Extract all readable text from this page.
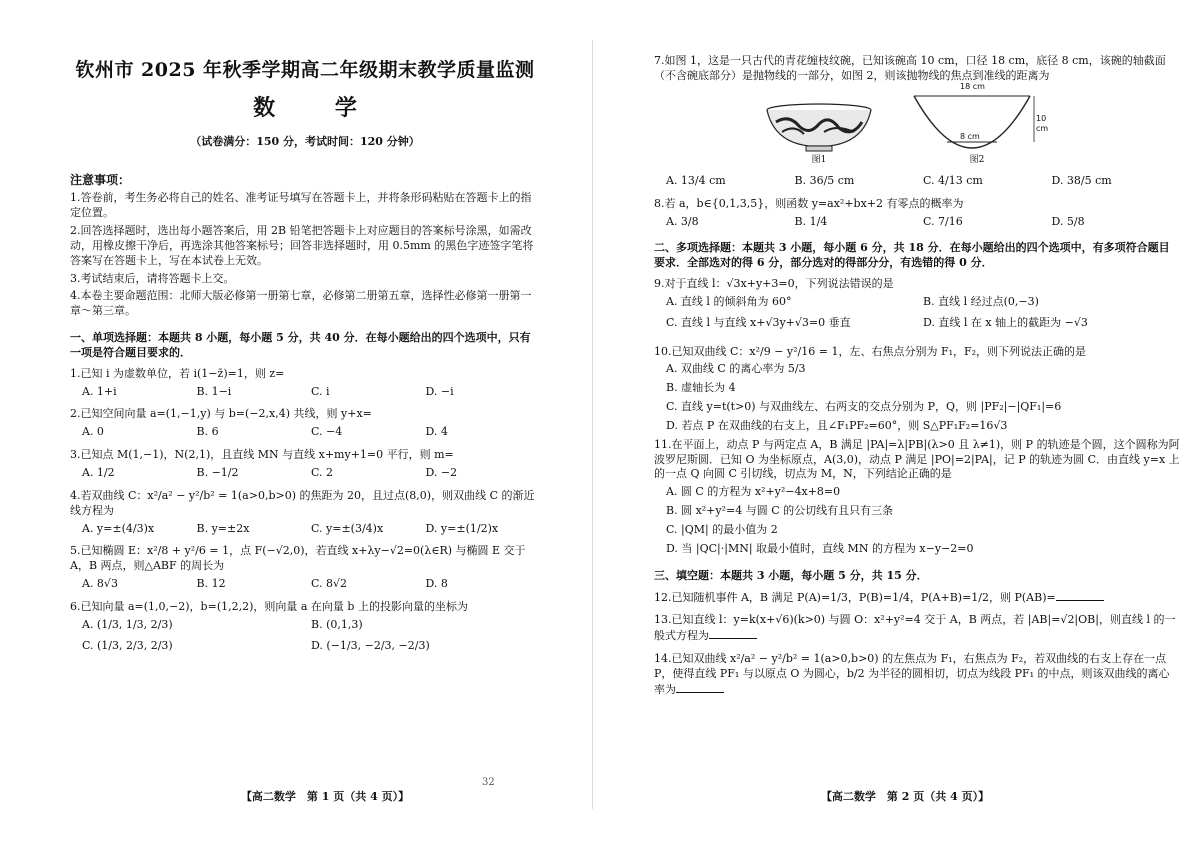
钦州市 2025 年秋季学期高二年级期末教学质量监测
数 学
（试卷满分：150 分，考试时间：120 分钟）
注意事项：

1.答卷前，考生务必将自己的姓名、准考证号填写在答题卡上，并将条形码粘贴在答题卡上的指定位置。

2.回答选择题时，选出每小题答案后，用 2B 铅笔把答题卡上对应题目的答案标号涂黑，如需改动，用橡皮擦干净后，再选涂其他答案标号；回答非选择题时，用 0.5mm 的黑色字迹签字笔将答案写在答题卡上，写在本试卷上无效。

3.考试结束后，请将答题卡上交。

4.本卷主要命题范围：北师大版必修第一册第七章，必修第二册第五章，选择性必修第一册第一章～第三章。

一、单项选择题：本题共 8 小题，每小题 5 分，共 40 分．在每小题给出的四个选项中，只有一项是符合题目要求的．
1.已知 i 为虚数单位，若 i(1−z̄)=1，则 z=
A. 1+i	B. 1−i	C. i	D. −i
2.已知空间向量 a=(1,−1,y) 与 b=(−2,x,4) 共线，则 y+x=
A. 0	B. 6	C. −4	D. 4
3.已知点 M(1,−1)，N(2,1)，且直线 MN 与直线 x+my+1=0 平行，则 m=
A. 1/2	B. −1/2	C. 2	D. −2
4.若双曲线 C：x²/a² − y²/b² = 1(a>0,b>0) 的焦距为 20，且过点(8,0)，则双曲线 C 的渐近线方程为
A. y=±(4/3)x	B. y=±2x	C. y=±(3/4)x	D. y=±(1/2)x
5.已知椭圆 E：x²/8 + y²/6 = 1，点 F(−√2,0)，若直线 x+λy−√2=0(λ∈R) 与椭圆 E 交于 A，B 两点，则△ABF 的周长为
A. 8√3	B. 12	C. 8√2	D. 8
6.已知向量 a=(1,0,−2)，b=(1,2,2)，则向量 a 在向量 b 上的投影向量的坐标为
A. (1/3, 1/3, 2/3)	B. (0,1,3)
C. (1/3, 2/3, 2/3)	D. (−1/3, −2/3, −2/3)
32
【高二数学　第 1 页（共 4 页）】
7.如图 1，这是一只古代的青花缠枝纹碗，已知该碗高 10 cm，口径 18 cm，底径 8 cm，该碗的轴截面（不含碗底部分）是抛物线的一部分，如图 2，则该抛物线的焦点到准线的距离为
图1
18 cm
10 cm
8 cm
图2
A. 13/4 cm	B. 36/5 cm	C. 4/13 cm	D. 38/5 cm
8.若 a，b∈{0,1,3,5}，则函数 y=ax²+bx+2 有零点的概率为
A. 3/8	B. 1/4	C. 7/16	D. 5/8
二、多项选择题：本题共 3 小题，每小题 6 分，共 18 分．在每小题给出的四个选项中，有多项符合题目要求．全部选对的得 6 分，部分选对的得部分分，有选错的得 0 分．
9.对于直线 l：√3x+y+3=0，下列说法错误的是
A. 直线 l 的倾斜角为 60°	B. 直线 l 经过点(0,−3)
C. 直线 l 与直线 x+√3y+√3=0 垂直	D. 直线 l 在 x 轴上的截距为 −√3
10.已知双曲线 C：x²/9 − y²/16 = 1，左、右焦点分别为 F₁，F₂，则下列说法正确的是
A. 双曲线 C 的离心率为 5/3
B. 虚轴长为 4
C. 直线 y=t(t>0) 与双曲线左、右两支的交点分别为 P，Q，则 |PF₂|−|QF₁|=6
D. 若点 P 在双曲线的右支上，且∠F₁PF₂=60°，则 S△PF₁F₂=16√3
11.在平面上，动点 P 与两定点 A，B 满足 |PA|=λ|PB|(λ>0 且 λ≠1)，则 P 的轨迹是个圆，这个圆称为阿波罗尼斯圆．已知 O 为坐标原点，A(3,0)，动点 P 满足 |PO|=2|PA|，记 P 的轨迹为圆 C．由直线 y=x 上的一点 Q 向圆 C 引切线，切点为 M，N，下列结论正确的是
A. 圆 C 的方程为 x²+y²−4x+8=0
B. 圆 x²+y²=4 与圆 C 的公切线有且只有三条
C. |QM| 的最小值为 2
D. 当 |QC|·|MN| 取最小值时，直线 MN 的方程为 x−y−2=0
三、填空题：本题共 3 小题，每小题 5 分，共 15 分．
12.已知随机事件 A，B 满足 P(A)=1/3，P(B)=1/4，P(A+B)=1/2，则 P(AB)=
13.已知直线 l：y=k(x+√6)(k>0) 与圆 O：x²+y²=4 交于 A，B 两点，若 |AB|=√2|OB|，则直线 l 的一般式方程为
14.已知双曲线 x²/a² − y²/b² = 1(a>0,b>0) 的左焦点为 F₁，右焦点为 F₂，若双曲线的右支上存在一点 P，使得直线 PF₁ 与以原点 O 为圆心，b/2 为半径的圆相切，切点为线段 PF₁ 的中点，则该双曲线的离心率为
【高二数学　第 2 页（共 4 页）】
